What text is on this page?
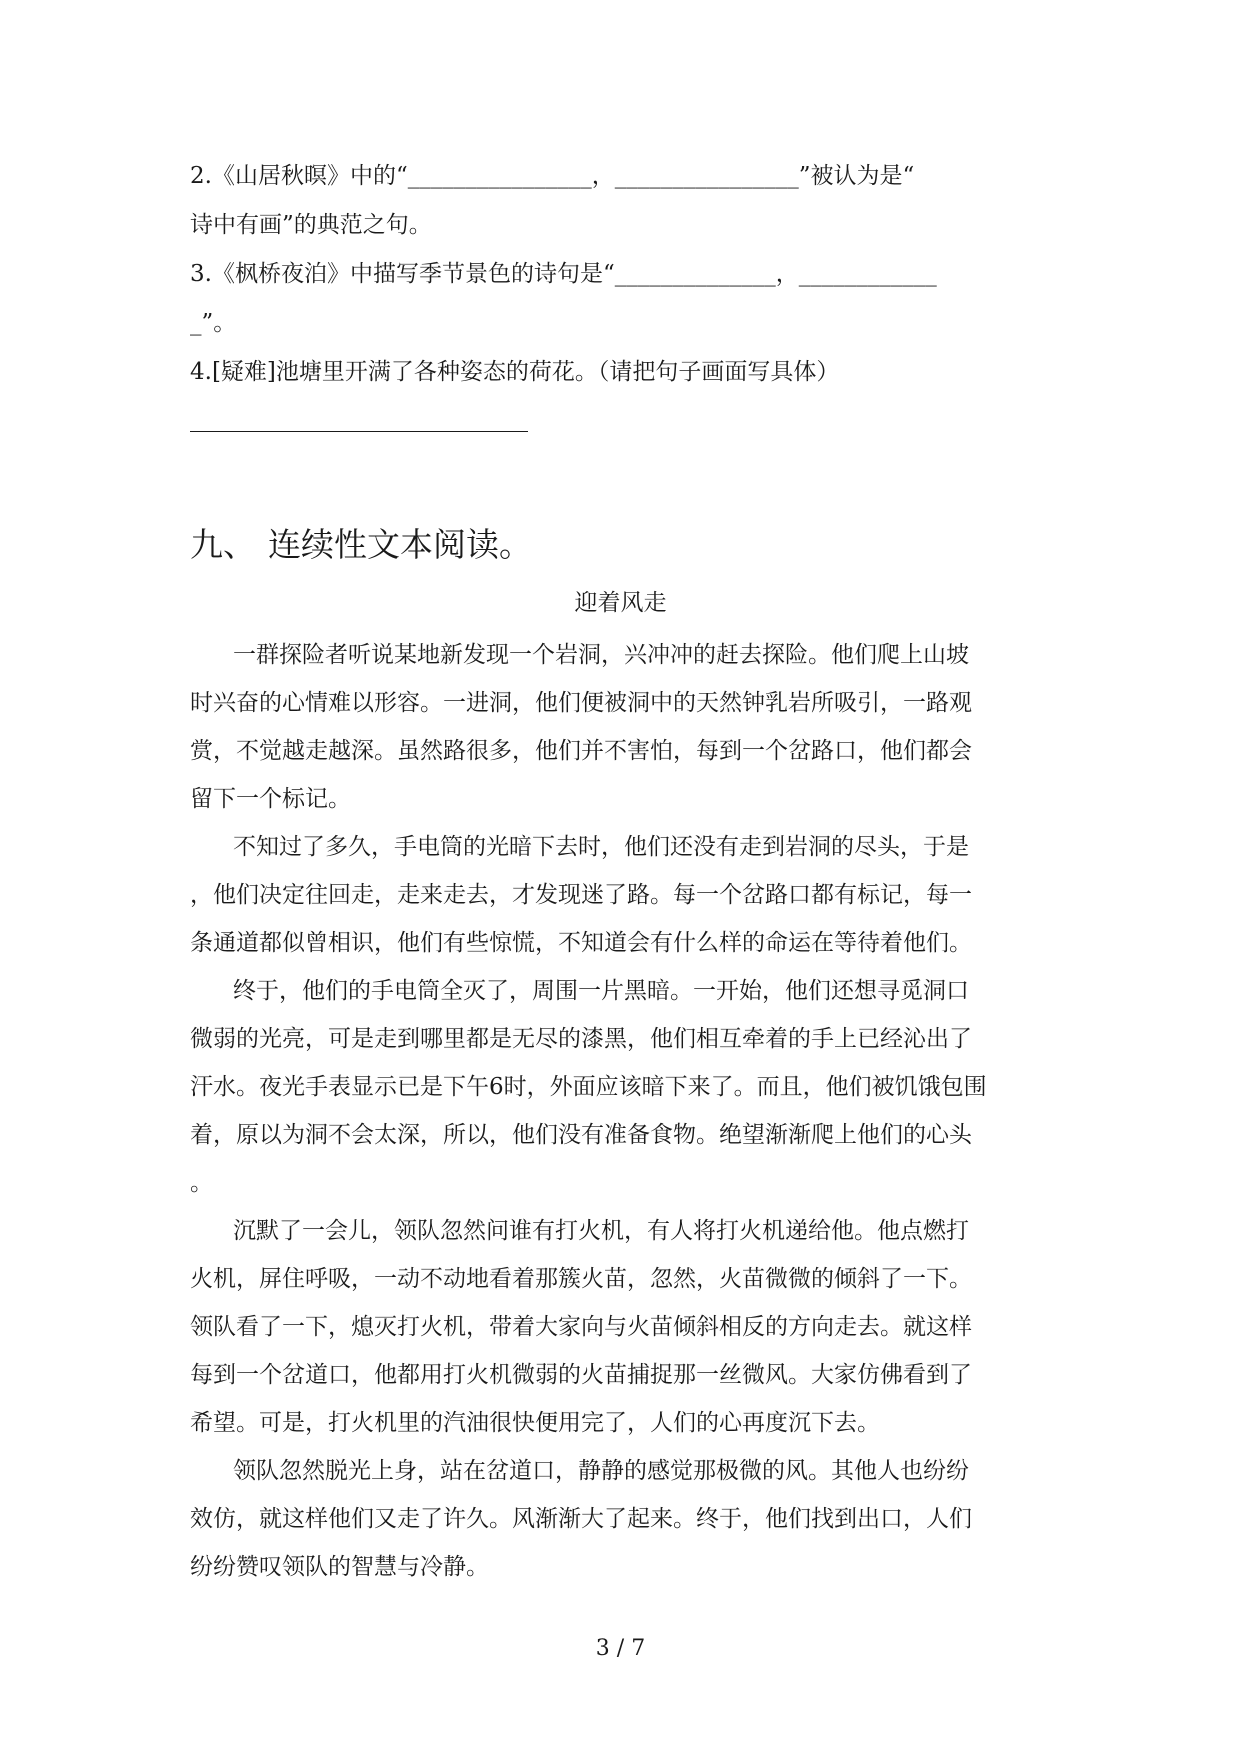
2.《山居秋暝》中的“________________，________________”被认为是“
诗中有画”的典范之句。
3.《枫桥夜泊》中描写季节景色的诗句是“______________，____________
_”。
4.[疑难]池塘里开满了各种姿态的荷花。（请把句子画面写具体）
九、 连续性文本阅读。
迎着风走
一群探险者听说某地新发现一个岩洞，兴冲冲的赶去探险。他们爬上山坡
时兴奋的心情难以形容。一进洞，他们便被洞中的天然钟乳岩所吸引，一路观
赏，不觉越走越深。虽然路很多，他们并不害怕，每到一个岔路口，他们都会
留下一个标记。
不知过了多久，手电筒的光暗下去时，他们还没有走到岩洞的尽头，于是
，他们决定往回走，走来走去，才发现迷了路。每一个岔路口都有标记，每一
条通道都似曾相识，他们有些惊慌，不知道会有什么样的命运在等待着他们。
终于，他们的手电筒全灭了，周围一片黑暗。一开始，他们还想寻觅洞口
微弱的光亮，可是走到哪里都是无尽的漆黑，他们相互牵着的手上已经沁出了
汗水。夜光手表显示已是下午6时，外面应该暗下来了。而且，他们被饥饿包围
着，原以为洞不会太深，所以，他们没有准备食物。绝望渐渐爬上他们的心头
。
沉默了一会儿，领队忽然问谁有打火机，有人将打火机递给他。他点燃打
火机，屏住呼吸，一动不动地看着那簇火苗，忽然，火苗微微的倾斜了一下。
领队看了一下，熄灭打火机，带着大家向与火苗倾斜相反的方向走去。就这样
每到一个岔道口，他都用打火机微弱的火苗捕捉那一丝微风。大家仿佛看到了
希望。可是，打火机里的汽油很快便用完了，人们的心再度沉下去。
领队忽然脱光上身，站在岔道口，静静的感觉那极微的风。其他人也纷纷
效仿，就这样他们又走了许久。风渐渐大了起来。终于，他们找到出口，人们
纷纷赞叹领队的智慧与冷静。
3 / 7
